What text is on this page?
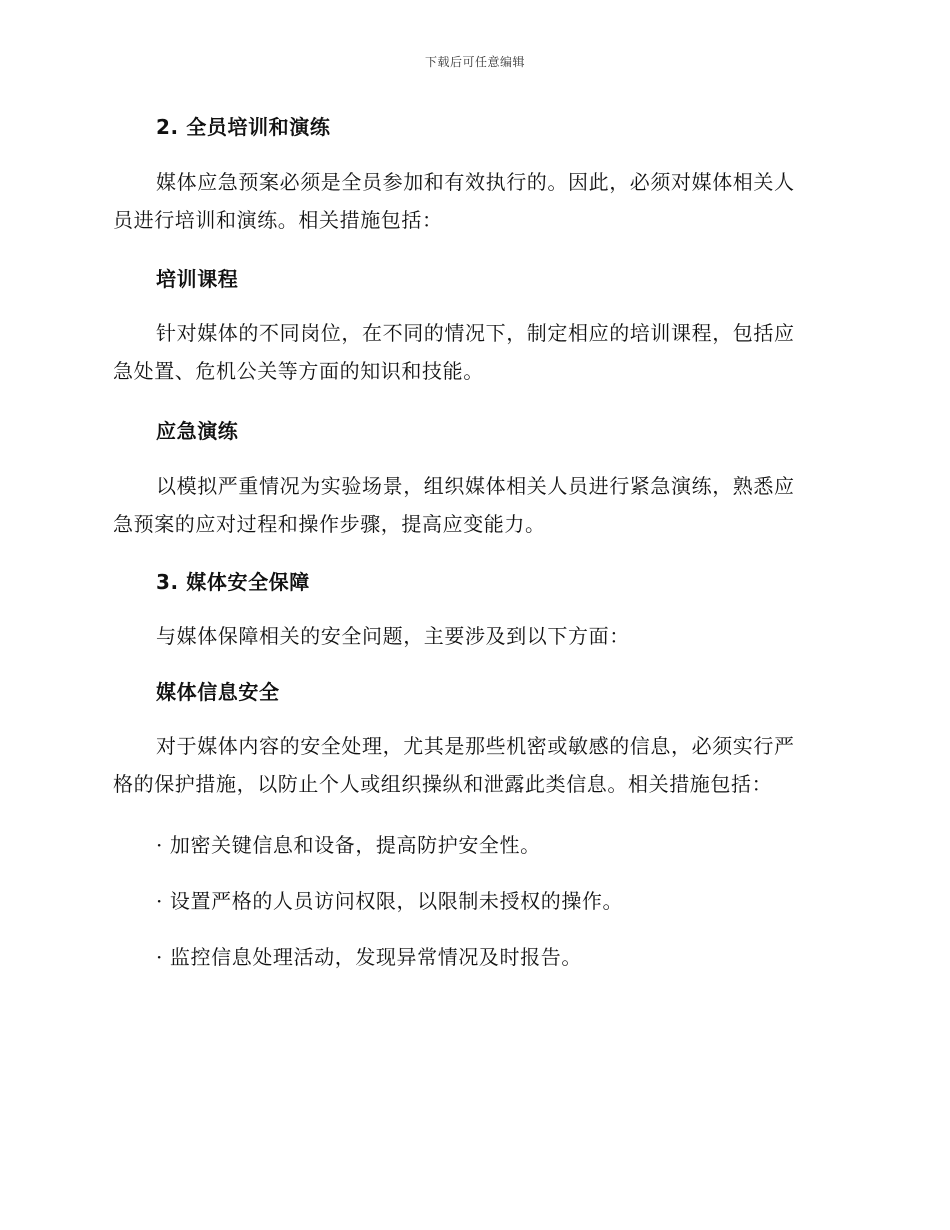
下载后可任意编辑
2. 全员培训和演练
媒体应急预案必须是全员参加和有效执行的。因此，必须对媒体相关人
员进行培训和演练。相关措施包括：
培训课程
针对媒体的不同岗位，在不同的情况下，制定相应的培训课程，包括应
急处置、危机公关等方面的知识和技能。
应急演练
以模拟严重情况为实验场景，组织媒体相关人员进行紧急演练，熟悉应
急预案的应对过程和操作步骤，提高应变能力。
3. 媒体安全保障
与媒体保障相关的安全问题，主要涉及到以下方面：
媒体信息安全
对于媒体内容的安全处理，尤其是那些机密或敏感的信息，必须实行严
格的保护措施，以防止个人或组织操纵和泄露此类信息。相关措施包括：
· 加密关键信息和设备，提高防护安全性。
· 设置严格的人员访问权限，以限制未授权的操作。
· 监控信息处理活动，发现异常情况及时报告。
